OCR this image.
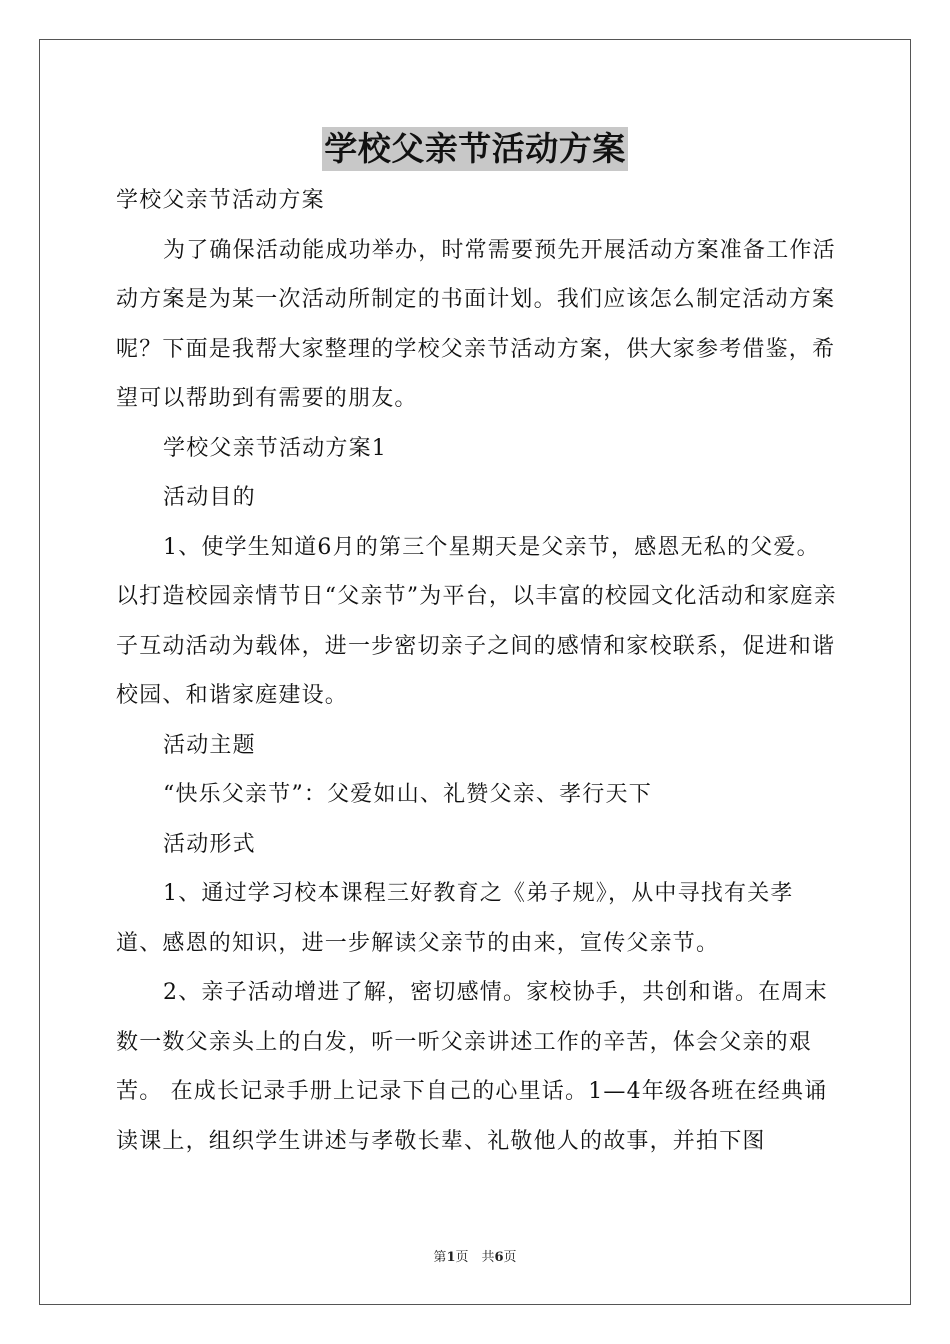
学校父亲节活动方案

学校父亲节活动方案

为了确保活动能成功举办，时常需要预先开展活动方案准备工作活动方案是为某一次活动所制定的书面计划。我们应该怎么制定活动方案呢？下面是我帮大家整理的学校父亲节活动方案，供大家参考借鉴，希望可以帮助到有需要的朋友。

学校父亲节活动方案1

活动目的

1、使学生知道6月的第三个星期天是父亲节，感恩无私的父爱。以打造校园亲情节日“父亲节”为平台，以丰富的校园文化活动和家庭亲子互动活动为载体，进一步密切亲子之间的感情和家校联系，促进和谐校园、和谐家庭建设。

活动主题

“快乐父亲节”：父爱如山、礼赞父亲、孝行天下

活动形式

1、通过学习校本课程三好教育之《弟子规》，从中寻找有关孝道、感恩的知识，进一步解读父亲节的由来，宣传父亲节。

2、亲子活动增进了解，密切感情。家校协手，共创和谐。在周末数一数父亲头上的白发，听一听父亲讲述工作的辛苦，体会父亲的艰苦。 在成长记录手册上记录下自己的心里话。1—4年级各班在经典诵读课上，组织学生讲述与孝敬长辈、礼敬他人的故事，并拍下图

第1页　共6页
